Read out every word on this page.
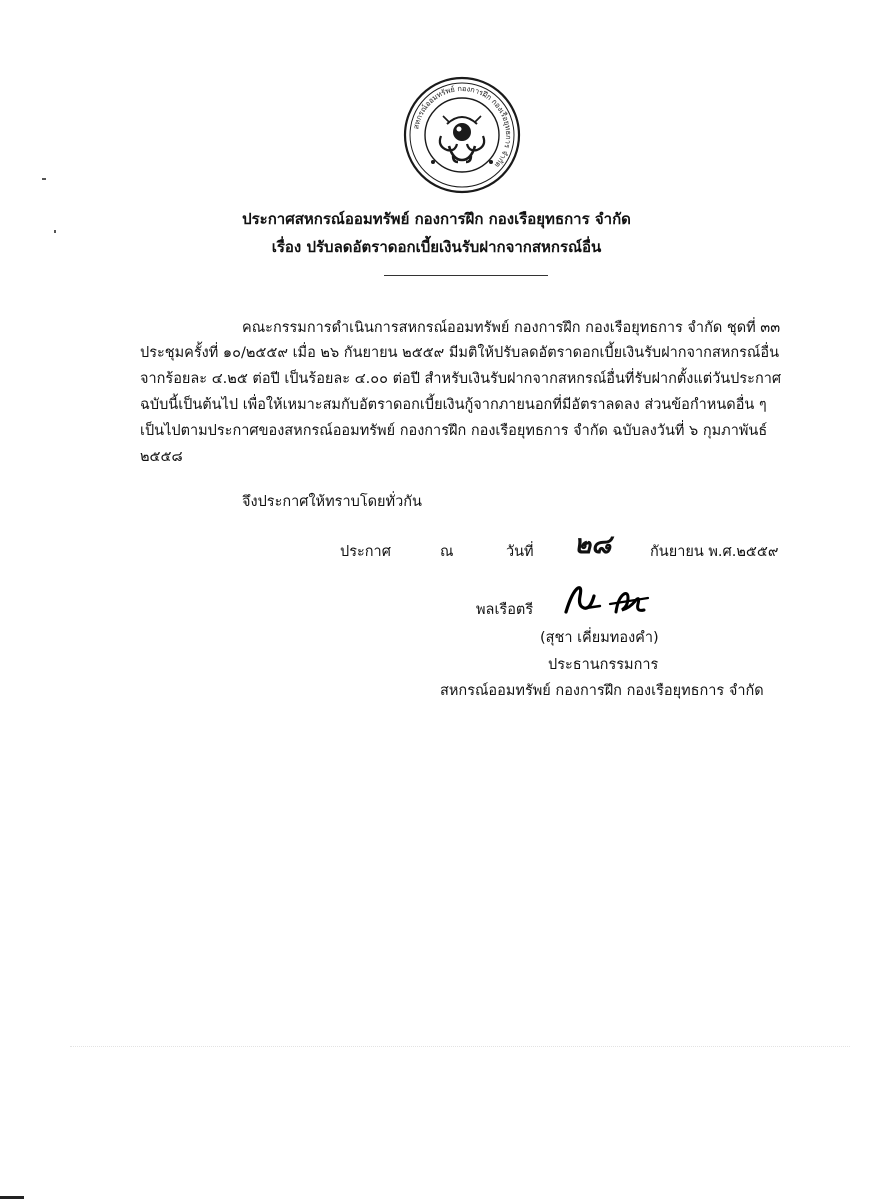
สหกรณ์ออมทรัพย์ กองการฝึก กองเรือยุทธการ จำกัด
ประกาศสหกรณ์ออมทรัพย์ กองการฝึก กองเรือยุทธการ จำกัด
เรื่อง ปรับลดอัตราดอกเบี้ยเงินรับฝากจากสหกรณ์อื่น
คณะกรรมการดำเนินการสหกรณ์ออมทรัพย์ กองการฝึก กองเรือยุทธการ จำกัด ชุดที่ ๓๓
ประชุมครั้งที่ ๑๐/๒๕๕๙ เมื่อ ๒๖ กันยายน ๒๕๕๙ มีมติให้ปรับลดอัตราดอกเบี้ยเงินรับฝากจากสหกรณ์อื่น
จากร้อยละ ๔.๒๕ ต่อปี เป็นร้อยละ ๔.๐๐ ต่อปี สำหรับเงินรับฝากจากสหกรณ์อื่นที่รับฝากตั้งแต่วันประกาศ
ฉบับนี้เป็นต้นไป เพื่อให้เหมาะสมกับอัตราดอกเบี้ยเงินกู้จากภายนอกที่มีอัตราลดลง ส่วนข้อกำหนดอื่น ๆ
เป็นไปตามประกาศของสหกรณ์ออมทรัพย์ กองการฝึก กองเรือยุทธการ จำกัด ฉบับลงวันที่ ๖ กุมภาพันธ์
๒๕๕๘
จึงประกาศให้ทราบโดยทั่วกัน
ประกาศ	ณ	วันที่ ๒๘	กันยายน พ.ศ.๒๕๕๙
พลเรือตรี
(สุชา เคี่ยมทองคำ)
ประธานกรรมการ
สหกรณ์ออมทรัพย์ กองการฝึก กองเรือยุทธการ จำกัด
